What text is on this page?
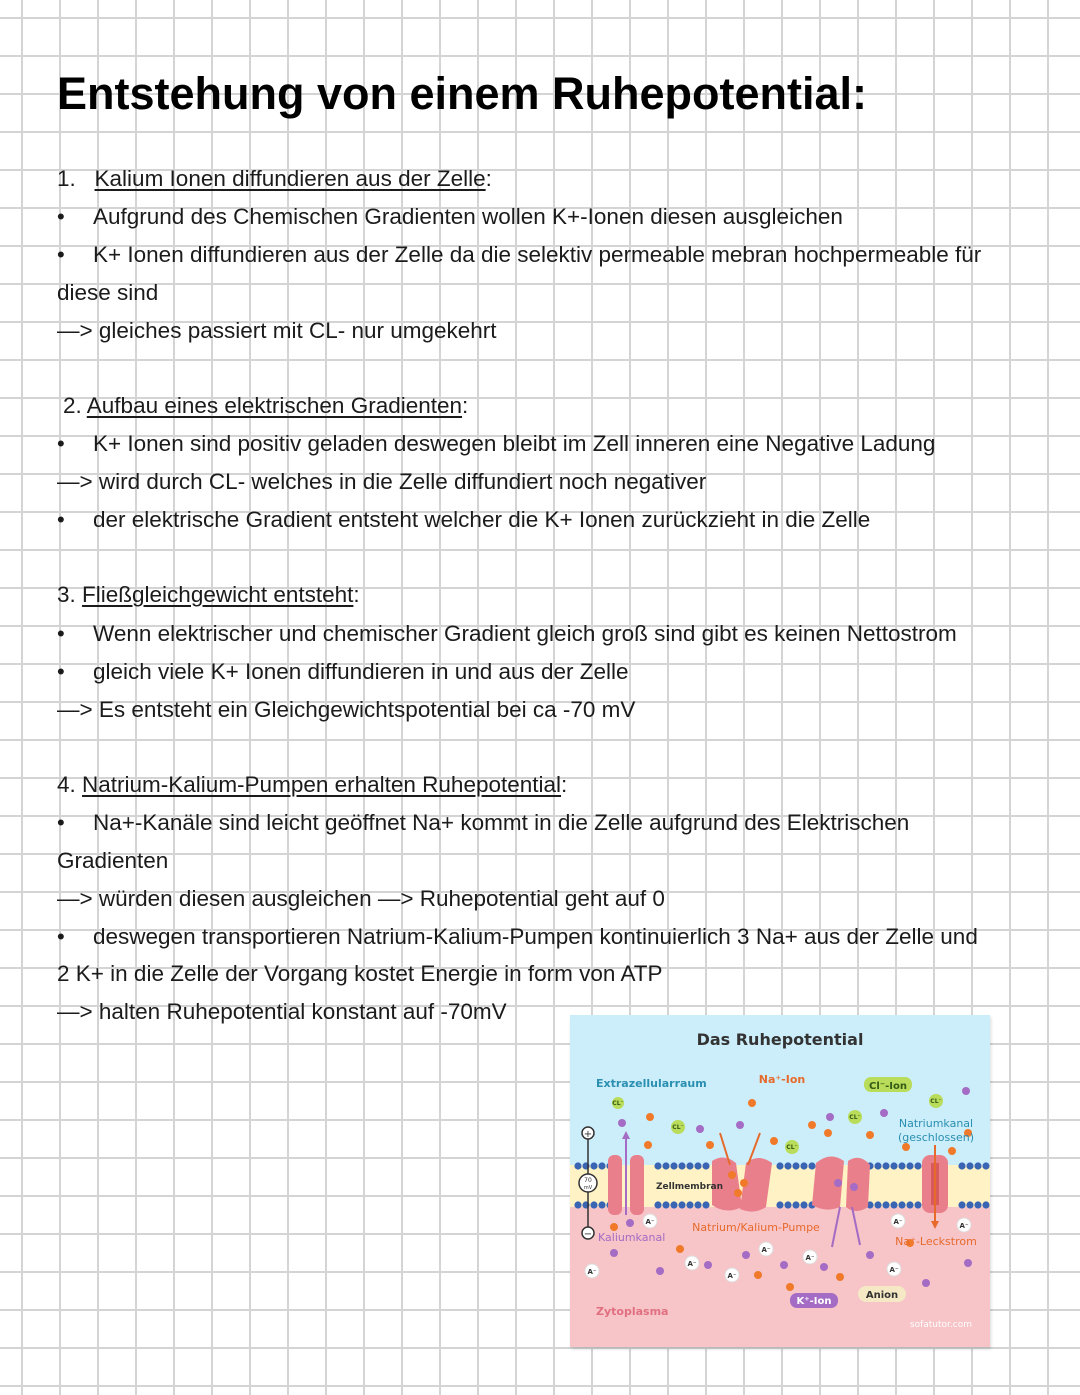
Entstehung von einem Ruhepotential:
1. Kalium Ionen diffundieren aus der Zelle:
• Aufgrund des Chemischen Gradienten wollen K+-Ionen diesen ausgleichen
• K+ Ionen diffundieren aus der Zelle da die selektiv permeable mebran hochpermeable für
diese sind
—> gleiches passiert mit CL- nur umgekehrt
2. Aufbau eines elektrischen Gradienten:
• K+ Ionen sind positiv geladen deswegen bleibt im Zell inneren eine Negative Ladung
—> wird durch CL- welches in die Zelle diffundiert noch negativer
• der elektrische Gradient entsteht welcher die K+ Ionen zurückzieht in die Zelle
3. Fließgleichgewicht entsteht:
• Wenn elektrischer und chemischer Gradient gleich groß sind gibt es keinen Nettostrom
• gleich viele K+ Ionen diffundieren in und aus der Zelle
—> Es entsteht ein Gleichgewichtspotential bei ca -70 mV
4. Natrium-Kalium-Pumpen erhalten Ruhepotential:
• Na+-Kanäle sind leicht geöffnet Na+ kommt in die Zelle aufgrund des Elektrischen
Gradienten
—> würden diesen ausgleichen —> Ruhepotential geht auf 0
• deswegen transportieren Natrium-Kalium-Pumpen kontinuierlich 3 Na+ aus der Zelle und
2 K+ in die Zelle der Vorgang kostet Energie in form von ATP
—> halten Ruhepotential konstant auf -70mV
+
−
70
mV
A⁻
A⁻
A⁻
A⁻
A⁻
A⁻
A⁻	A⁻
A⁻
CL⁻
CL⁻
CL⁻
CL⁻
CL⁻
Das Ruhepotential
Extrazellularraum	Na⁺-Ion
Cl⁻-Ion
Natriumkanal
(geschlossen)
Zellmembran
Kaliumkanal
Natrium/Kalium-Pumpe
Na⁺-Leckstrom
Zytoplasma
K⁺-Ion
Anion
sofatutor.com
